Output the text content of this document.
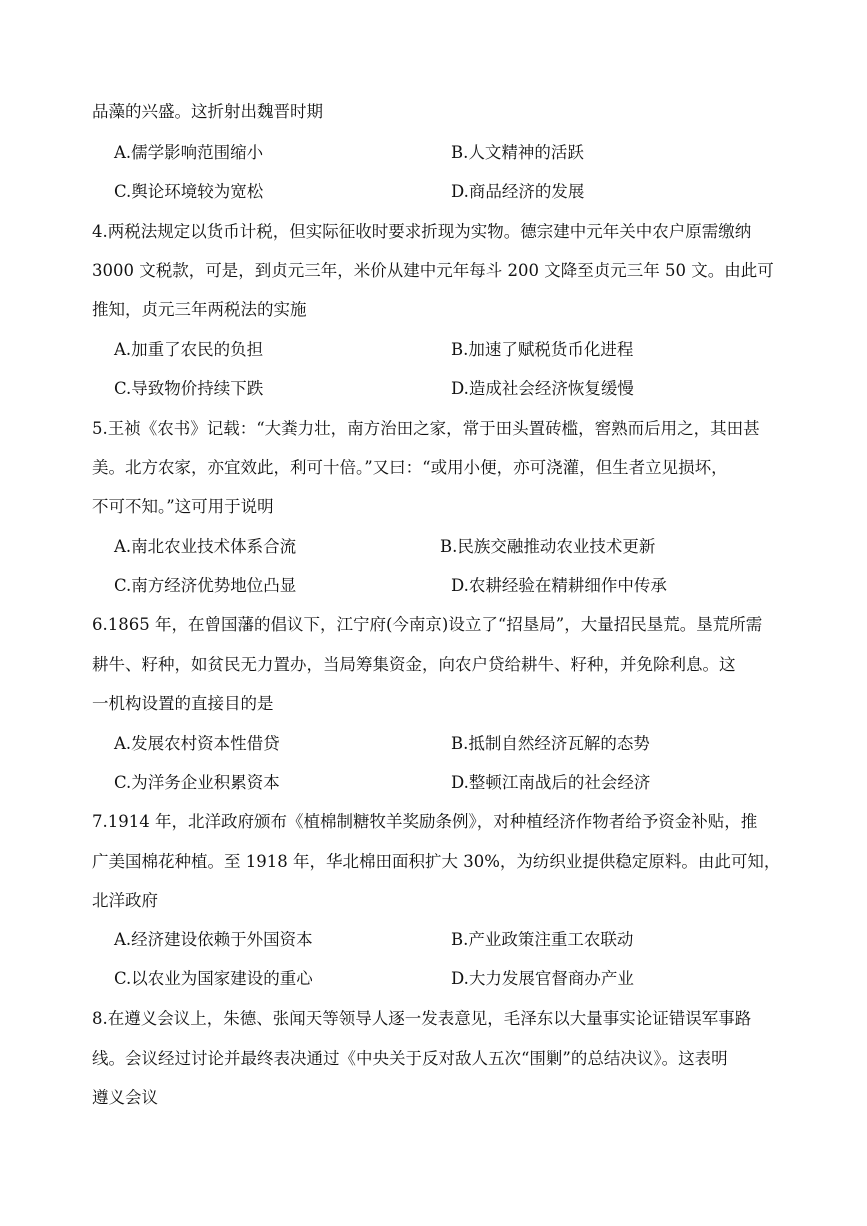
品藻的兴盛。这折射出魏晋时期
A.儒学影响范围缩小	B.人文精神的活跃
C.舆论环境较为宽松	D.商品经济的发展
4.两税法规定以货币计税，但实际征收时要求折现为实物。德宗建中元年关中农户原需缴纳
3000 文税款，可是，到贞元三年，米价从建中元年每斗 200 文降至贞元三年 50 文。由此可
推知，贞元三年两税法的实施
A.加重了农民的负担	B.加速了赋税货币化进程
C.导致物价持续下跌	D.造成社会经济恢复缓慢
5.王祯《农书》记载：“大粪力壮，南方治田之家，常于田头置砖槛，窖熟而后用之，其田甚
美。北方农家，亦宜效此，利可十倍。”又曰：“或用小便，亦可浇灌，但生者立见损坏，
不可不知。”这可用于说明
A.南北农业技术体系合流	B.民族交融推动农业技术更新
C.南方经济优势地位凸显	D.农耕经验在精耕细作中传承
6.1865 年，在曾国藩的倡议下，江宁府(今南京)设立了“招垦局”，大量招民垦荒。垦荒所需
耕牛、籽种，如贫民无力置办，当局筹集资金，向农户贷给耕牛、籽种，并免除利息。这
一机构设置的直接目的是
A.发展农村资本性借贷	B.抵制自然经济瓦解的态势
C.为洋务企业积累资本	D.整顿江南战后的社会经济
7.1914 年，北洋政府颁布《植棉制糖牧羊奖励条例》，对种植经济作物者给予资金补贴，推
广美国棉花种植。至 1918 年，华北棉田面积扩大 30%，为纺织业提供稳定原料。由此可知，
北洋政府
A.经济建设依赖于外国资本	B.产业政策注重工农联动
C.以农业为国家建设的重心	D.大力发展官督商办产业
8.在遵义会议上，朱德、张闻天等领导人逐一发表意见，毛泽东以大量事实论证错误军事路
线。会议经过讨论并最终表决通过《中央关于反对敌人五次“围剿”的总结决议》。这表明
遵义会议
